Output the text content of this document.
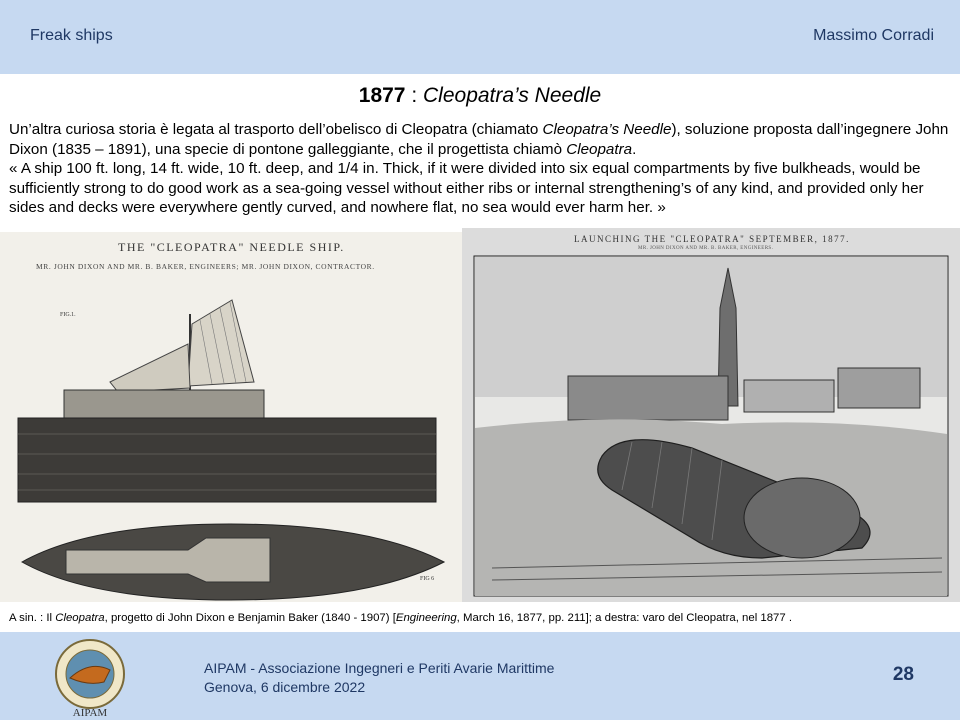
Freak ships	Massimo Corradi
1877 : Cleopatra’s Needle
THE "CLEOPATRA" NEEDLE SHIP.
MR. JOHN DIXON AND MR. B. BAKER, ENGINEERS; MR. JOHN DIXON, CONTRACTOR.
FIG.1.
FIG 6
LAUNCHING THE "CLEOPATRA" SEPTEMBER, 1877.
MR. JOHN DIXON AND MR. B. BAKER, ENGINEERS.

Un’altra curiosa storia è legata al trasporto dell’obelisco di Cleopatra (chiamato Cleopatra’s Needle), soluzione proposta dall’ingegnere John Dixon (1835 – 1891), una specie di pontone galleggiante, che il progettista chiamò Cleopatra.

« A ship 100 ft. long, 14 ft. wide, 10 ft. deep, and 1/4 in. Thick, if it were divided into six equal compartments by five bulkheads, would be sufficiently strong to do good work as a sea-going vessel without either ribs or internal strengthening’s of any kind, and provided only her sides and decks were everywhere gently curved, and nowhere flat, no sea would ever harm her. »

A sin. : Il Cleopatra, progetto di John Dixon e Benjamin Baker (1840 - 1907) [Engineering, March 16, 1877, pp. 211]; a destra: varo del Cleopatra, nel 1877 .
AIPAM
AIPAM - Associazione Ingegneri e Periti Avarie Marittime
Genova, 6 dicembre 2022
28
